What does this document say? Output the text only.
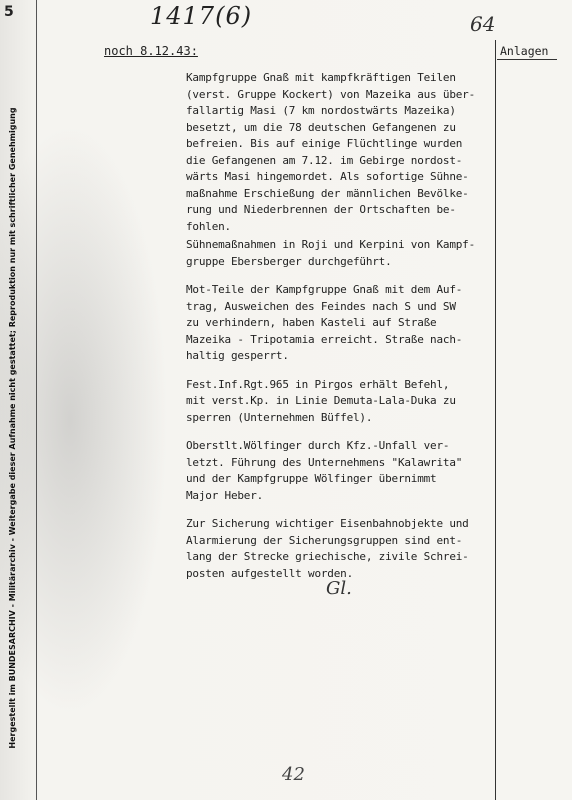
5	1417(6)	64
noch 8.12.43:	Anlagen
Hergestellt im BUNDESARCHIV - Militärarchiv - Weitergabe dieser Aufnahme nicht gestattet; Reproduktion nur mit schriftlicher Genehmigung

Kampfgruppe Gnaß mit kampfkräftigen Teilen

(verst. Gruppe Kockert) von Mazeika aus über-

fallartig Masi (7 km nordostwärts Mazeika)

besetzt, um die 78 deutschen Gefangenen zu

befreien. Bis auf einige Flüchtlinge wurden

die Gefangenen am 7.12. im Gebirge nordost-

wärts Masi hingemordet. Als sofortige Sühne-

maßnahme Erschießung der männlichen Bevölke-

rung und Niederbrennen der Ortschaften be-

fohlen.

Sühnemaßnahmen in Roji und Kerpini von Kampf-

gruppe Ebersberger durchgeführt.

Mot-Teile der Kampfgruppe Gnaß mit dem Auf-

trag, Ausweichen des Feindes nach S und SW

zu verhindern, haben Kasteli auf Straße

Mazeika - Tripotamia erreicht. Straße nach-

haltig gesperrt.

Fest.Inf.Rgt.965 in Pirgos erhält Befehl,

mit verst.Kp. in Linie Demuta-Lala-Duka zu

sperren (Unternehmen Büffel).

Oberstlt.Wölfinger durch Kfz.-Unfall ver-

letzt. Führung des Unternehmens "Kalawrita"

und der Kampfgruppe Wölfinger übernimmt

Major Heber.

Zur Sicherung wichtiger Eisenbahnobjekte und

Alarmierung der Sicherungsgruppen sind ent-

lang der Strecke griechische, zivile Schrei-

posten aufgestellt worden.

Gl.
42
